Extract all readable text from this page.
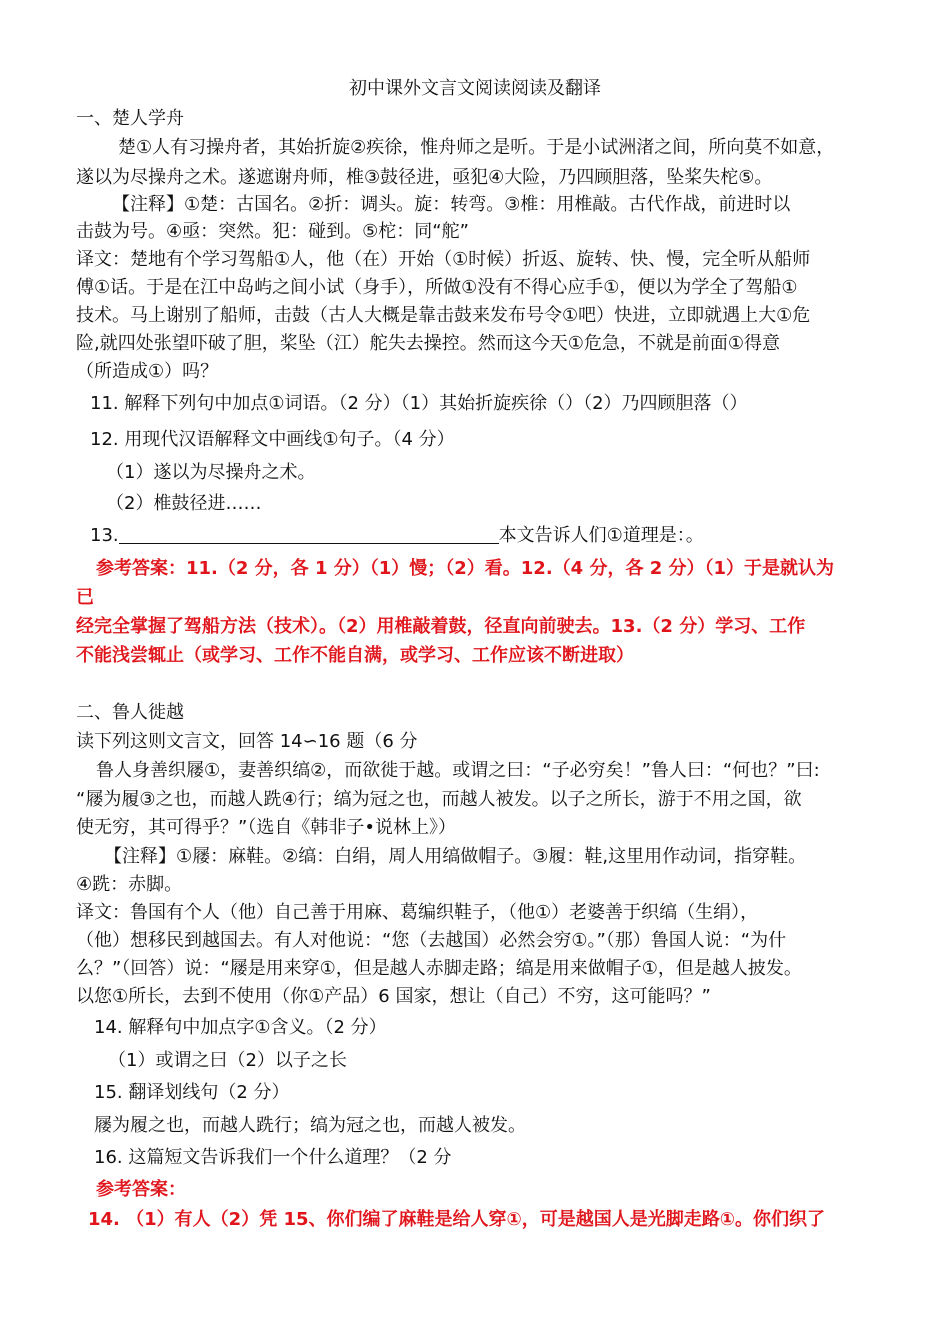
初中课外文言文阅读阅读及翻译
一、楚人学舟
楚①人有习操舟者，其始折旋②疾徐，惟舟师之是听。于是小试洲渚之间，所向莫不如意，
遂以为尽操舟之术。遂遮谢舟师，椎③鼓径进，亟犯④大险，乃四顾胆落，坠桨失柁⑤。
【注释】①楚：古国名。②折：调头。旋：转弯。③椎：用椎敲。古代作战，前进时以
击鼓为号。④亟：突然。犯：碰到。⑤柁：同“舵”
译文：楚地有个学习驾船①人，他（在）开始（①时候）折返、旋转、快、慢，完全听从船师
傅①话。于是在江中岛屿之间小试（身手），所做①没有不得心应手①，便以为学全了驾船①
技术。马上谢别了船师，击鼓（古人大概是靠击鼓来发布号令①吧）快进，立即就遇上大①危
险,就四处张望吓破了胆，桨坠（江）舵失去操控。然而这今天①危急，不就是前面①得意
（所造成①）吗？
11. 解释下列句中加点①词语。（2 分）（1）其始折旋疾徐（）（2）乃四顾胆落（）
12. 用现代汉语解释文中画线①句子。（4 分）
（1）遂以为尽操舟之术。
（2）椎鼓径进……
13.	本文告诉人们①道理是：。
参考答案：11.（2 分，各 1 分）（1）慢；（2）看。12.（4 分，各 2 分）（1）于是就认为
已
经完全掌握了驾船方法（技术）。（2）用椎敲着鼓，径直向前驶去。13.（2 分）学习、工作
不能浅尝辄止（或学习、工作不能自满，或学习、工作应该不断进取）
二、鲁人徙越
读下列这则文言文，回答 14∽16 题（6 分
鲁人身善织屦①，妻善织缟②，而欲徙于越。或谓之曰：“子必穷矣！”鲁人曰：“何也？”曰:
“屦为履③之也，而越人跣④行；缟为冠之也，而越人被发。以子之所长，游于不用之国，欲
使无穷，其可得乎？”（选自《韩非子•说林上》）
【注释】①屦：麻鞋。②缟：白绢，周人用缟做帽子。③履：鞋,这里用作动词，指穿鞋。
④跣：赤脚。
译文：鲁国有个人（他）自己善于用麻、葛编织鞋子，（他①）老婆善于织缟（生绢），
（他）想移民到越国去。有人对他说：“您（去越国）必然会穷①。”（那）鲁国人说：“为什
么？”（回答）说：“屦是用来穿①，但是越人赤脚走路；缟是用来做帽子①，但是越人披发。
以您①所长，去到不使用（你①产品）6 国家，想让（自己）不穷，这可能吗？”
14. 解释句中加点字①含义。（2 分）
（1）或谓之曰（2）以子之长
15. 翻译划线句（2 分）
屦为履之也，而越人跣行；缟为冠之也，而越人被发。
16. 这篇短文告诉我们一个什么道理？（2 分
参考答案：
14. （1）有人（2）凭 15、你们编了麻鞋是给人穿①，可是越国人是光脚走路①。你们织了
